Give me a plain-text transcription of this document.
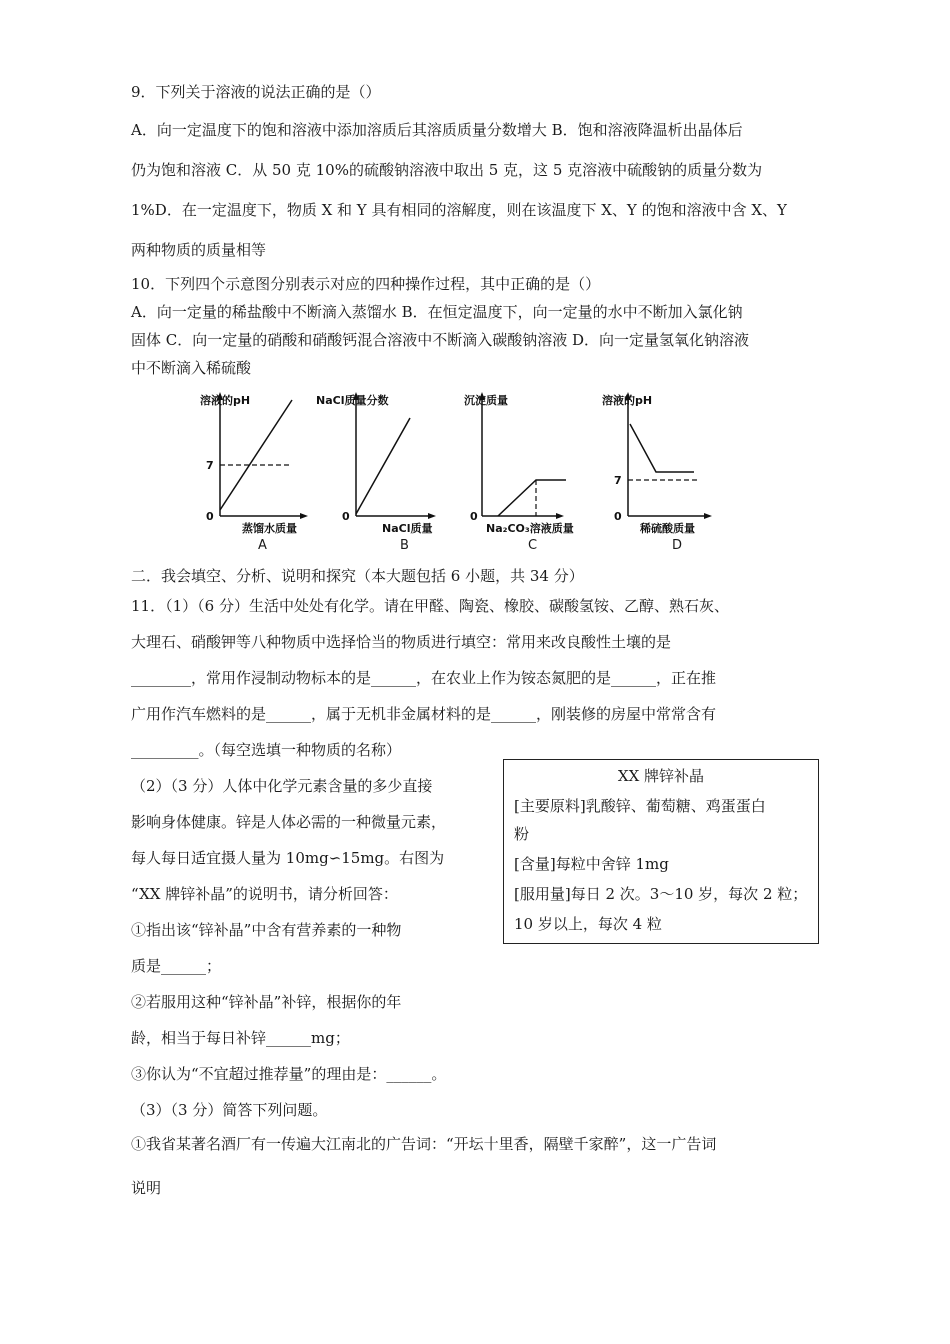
9．下列关于溶液的说法正确的是（）
A．向一定温度下的饱和溶液中添加溶质后其溶质质量分数增大 B．饱和溶液降温析出晶体后
仍为饱和溶液 C．从 50 克 10%的硫酸钠溶液中取出 5 克，这 5 克溶液中硫酸钠的质量分数为
1%D．在一定温度下，物质 X 和 Y 具有相同的溶解度，则在该温度下 X、Y 的饱和溶液中含 X、Y
两种物质的质量相等
10．下列四个示意图分别表示对应的四种操作过程，其中正确的是（）
A．向一定量的稀盐酸中不断滴入蒸馏水 B．在恒定温度下，向一定量的水中不断加入氯化钠
固体 C．向一定量的硝酸和硝酸钙混合溶液中不断滴入碳酸钠溶液 D．向一定量氢氧化钠溶液
中不断滴入稀硫酸
溶液的pH
7
0
蒸馏水质量
A
NaCl质量分数
0
NaCl质量
B
沉淀质量
0
Na₂CO₃溶液质量
C
溶液的pH
7
0
稀硫酸质量
D
二．我会填空、分析、说明和探究（本大题包括 6 小题，共 34 分）
11．（1）（6 分）生活中处处有化学。请在甲醛、陶瓷、橡胶、碳酸氢铵、乙醇、熟石灰、
大理石、硝酸钾等八种物质中选择恰当的物质进行填空：常用来改良酸性土壤的是
________，常用作浸制动物标本的是______，在农业上作为铵态氮肥的是______，正在推
广用作汽车燃料的是______，属于无机非金属材料的是______，刚装修的房屋中常常含有
_________。（每空选填一种物质的名称）
（2）（3 分）人体中化学元素含量的多少直接
影响身体健康。锌是人体必需的一种微量元素，
每人每日适宜摄人量为 10mg∽15mg。右图为
“XX 牌锌补晶”的说明书，请分析回答：
①指出该“锌补晶”中含有营养素的一种物
质是______；
②若服用这种“锌补晶”补锌，根据你的年
龄，相当于每日补锌______mg；
③你认为“不宜超过推荐量”的理由是：______。
XX 牌锌补晶
[主要原料]乳酸锌、葡萄糖、鸡蛋蛋白
粉
[含量]每粒中舍锌 1mg
[服用量]每日 2 次。3～10 岁，每次 2 粒；
10 岁以上，每次 4 粒
（3）（3 分）简答下列问题。
①我省某著名酒厂有一传遍大江南北的广告词：“开坛十里香，隔壁千家醉”，这一广告词
说明
